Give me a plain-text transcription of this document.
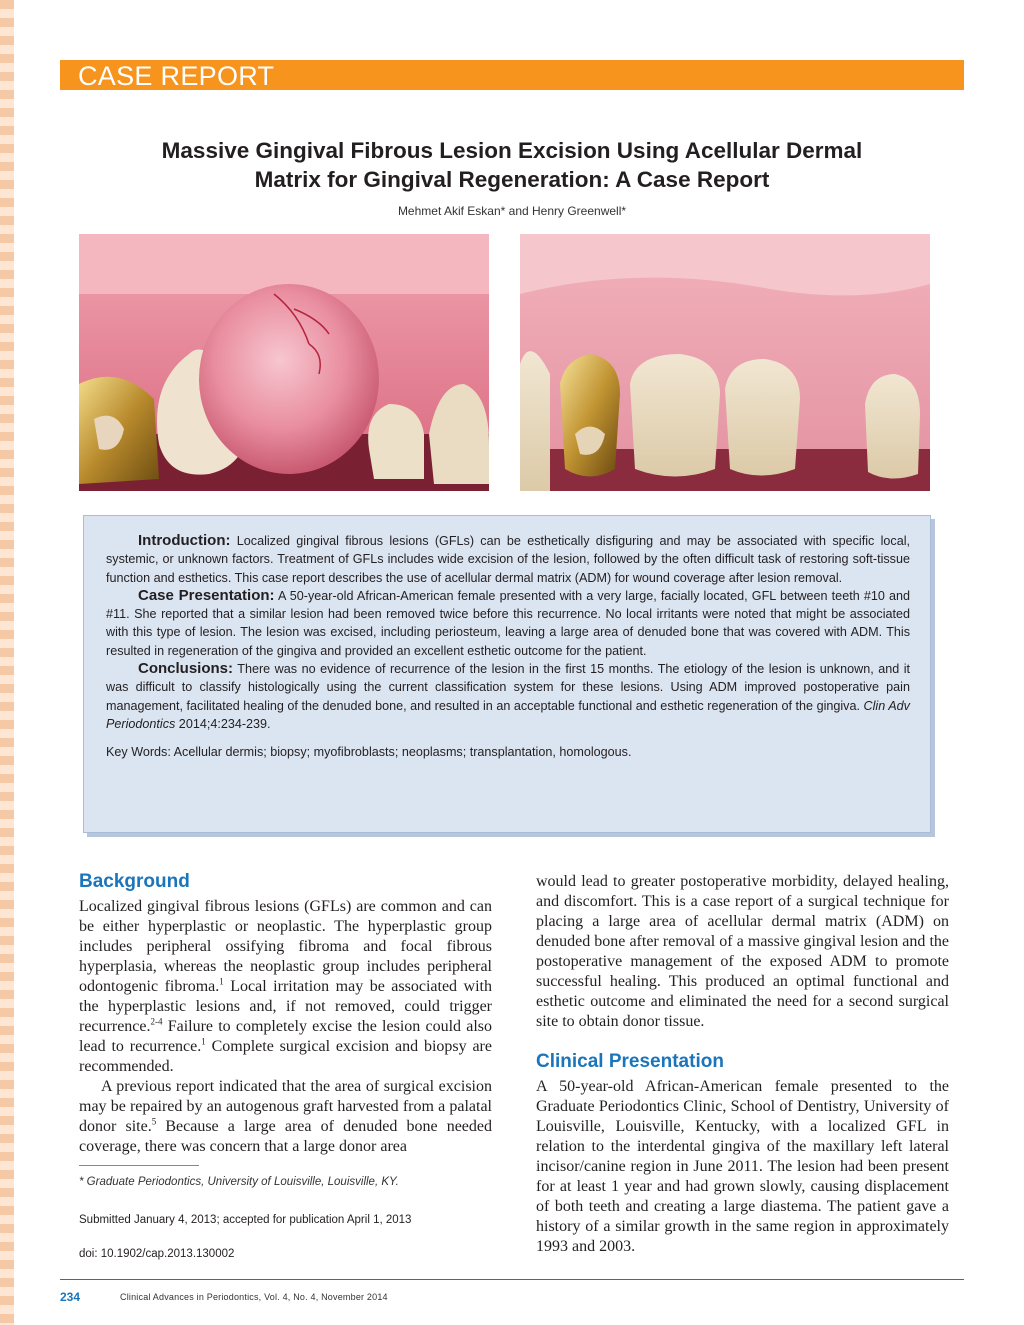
CASE REPORT
Massive Gingival Fibrous Lesion Excision Using Acellular Dermal
Matrix for Gingival Regeneration: A Case Report
Mehmet Akif Eskan* and Henry Greenwell*

Introduction: Localized gingival fibrous lesions (GFLs) can be esthetically disfiguring and may be associated with specific local, systemic, or unknown factors. Treatment of GFLs includes wide excision of the lesion, followed by the often difficult task of restoring soft-tissue function and esthetics. This case report describes the use of acellular dermal matrix (ADM) for wound coverage after lesion removal.

Case Presentation: A 50-year-old African-American female presented with a very large, facially located, GFL between teeth #10 and #11. She reported that a similar lesion had been removed twice before this recurrence. No local irritants were noted that might be associated with this type of lesion. The lesion was excised, including periosteum, leaving a large area of denuded bone that was covered with ADM. This resulted in regeneration of the gingiva and provided an excellent esthetic outcome for the patient.

Conclusions: There was no evidence of recurrence of the lesion in the first 15 months. The etiology of the lesion is unknown, and it was difficult to classify histologically using the current classification system for these lesions. Using ADM improved postoperative pain management, facilitated healing of the denuded bone, and resulted in an acceptable functional and esthetic regeneration of the gingiva. Clin Adv Periodontics 2014;4:234-239.

Key Words: Acellular dermis; biopsy; myofibroblasts; neoplasms; transplantation, homologous.

Background

Localized gingival fibrous lesions (GFLs) are common and can be either hyperplastic or neoplastic. The hyperplastic group includes peripheral ossifying fibroma and focal fibrous hyperplasia, whereas the neoplastic group includes peripheral odontogenic fibroma.$^1$ Local irritation may be associated with the hyperplastic lesions and, if not removed, could trigger recurrence.$^{2-4}$ Failure to completely excise the lesion could also lead to recurrence.$^1$ Complete surgical excision and biopsy are recommended.

A previous report indicated that the area of surgical excision may be repaired by an autogenous graft harvested from a palatal donor site.$^5$ Because a large area of denuded bone needed coverage, there was concern that a large donor area

* Graduate Periodontics, University of Louisville, Louisville, KY.
Submitted January 4, 2013; accepted for publication April 1, 2013
doi: 10.1902/cap.2013.130002

would lead to greater postoperative morbidity, delayed healing, and discomfort. This is a case report of a surgical technique for placing a large area of acellular dermal matrix (ADM) on denuded bone after removal of a massive gingival lesion and the postoperative management of the exposed ADM to promote successful healing. This produced an optimal functional and esthetic outcome and eliminated the need for a second surgical site to obtain donor tissue.

Clinical Presentation

A 50-year-old African-American female presented to the Graduate Periodontics Clinic, School of Dentistry, University of Louisville, Louisville, Kentucky, with a localized GFL in relation to the interdental gingiva of the maxillary left lateral incisor/canine region in June 2011. The lesion had been present for at least 1 year and had grown slowly, causing displacement of both teeth and creating a large diastema. The patient gave a history of a similar growth in the same region in approximately 1993 and 2003.

234	Clinical Advances in Periodontics, Vol. 4, No. 4, November 2014
